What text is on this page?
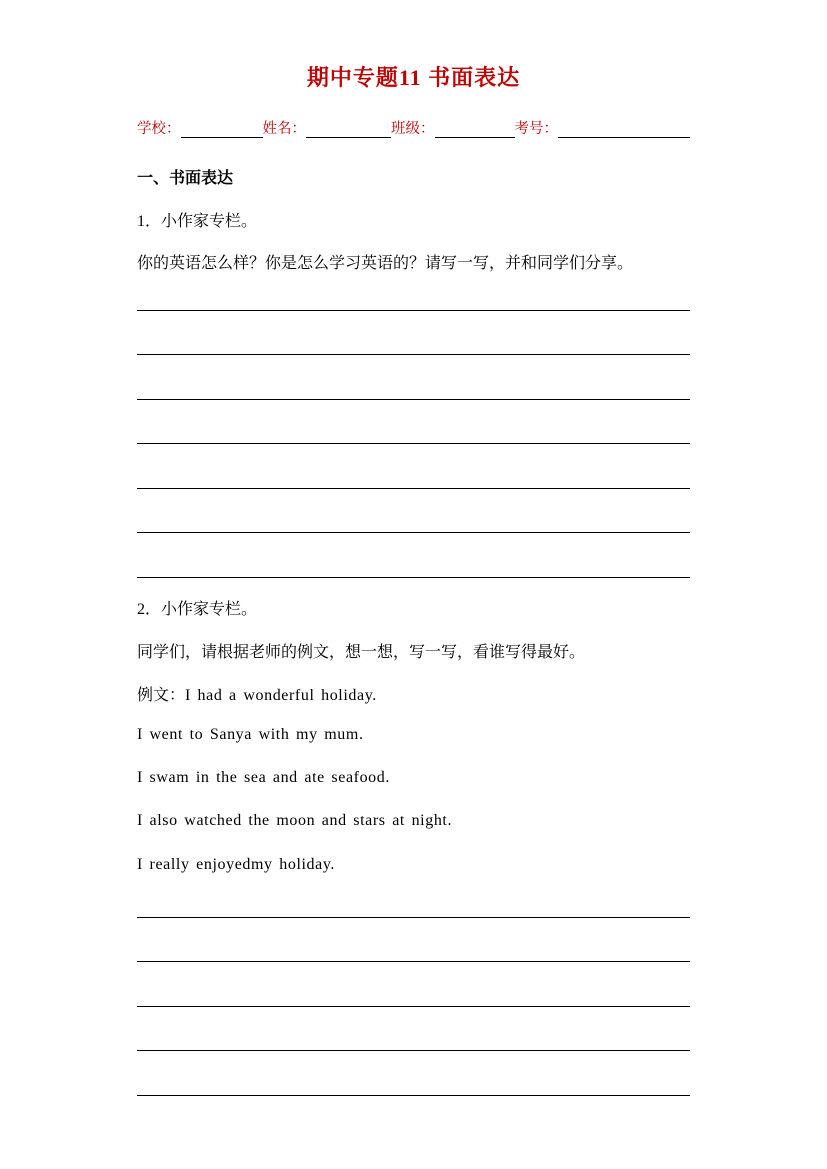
期中专题11 书面表达
学校：	姓名：	班级：	考号：
一、书面表达
1．小作家专栏。
你的英语怎么样？你是怎么学习英语的？请写一写，并和同学们分享。
2．小作家专栏。
同学们，请根据老师的例文，想一想，写一写，看谁写得最好。
例文：I had a wonderful holiday.
I went to Sanya with my mum.
I swam in the sea and ate seafood.
I also watched the moon and stars at night.
I really enjoyedmy holiday.
